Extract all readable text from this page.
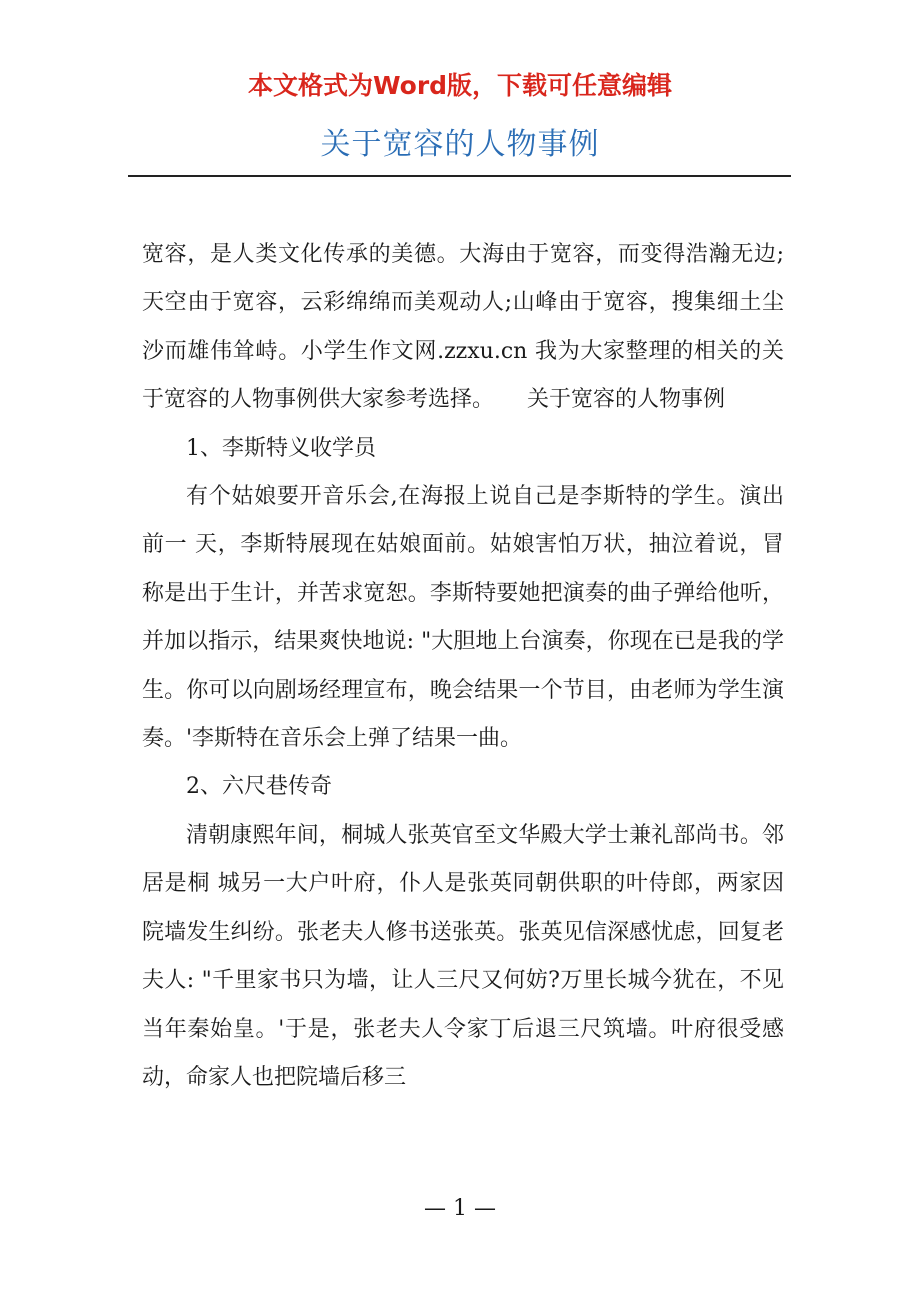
本文格式为Word版，下载可任意编辑
关于宽容的人物事例

宽容，是人类文化传承的美德。大海由于宽容，而变得浩瀚无边;天空由于宽容，云彩绵绵而美观动人;山峰由于宽容，搜集细土尘沙而雄伟耸峙。小学生作文网.zzxu.cn 我为大家整理的相关的关于宽容的人物事例供大家参考选择。　　关于宽容的人物事例

1、李斯特义收学员

有个姑娘要开音乐会,在海报上说自己是李斯特的学生。演出前一 天，李斯特展现在姑娘面前。姑娘害怕万状，抽泣着说，冒称是出于生计，并苦求宽恕。李斯特要她把演奏的曲子弹给他听，并加以指示，结果爽快地说: "大胆地上台演奏，你现在已是我的学生。你可以向剧场经理宣布，晚会结果一个节目，由老师为学生演奏。'李斯特在音乐会上弹了结果一曲。

2、六尺巷传奇

清朝康熙年间，桐城人张英官至文华殿大学士兼礼部尚书。邻居是桐 城另一大户叶府，仆人是张英同朝供职的叶侍郎，两家因院墙发生纠纷。张老夫人修书送张英。张英见信深感忧虑，回复老夫人: "千里家书只为墙，让人三尺又何妨?万里长城今犹在，不见当年秦始皇。'于是，张老夫人令家丁后退三尺筑墙。叶府很受感动，命家人也把院墙后移三

— 1 —
